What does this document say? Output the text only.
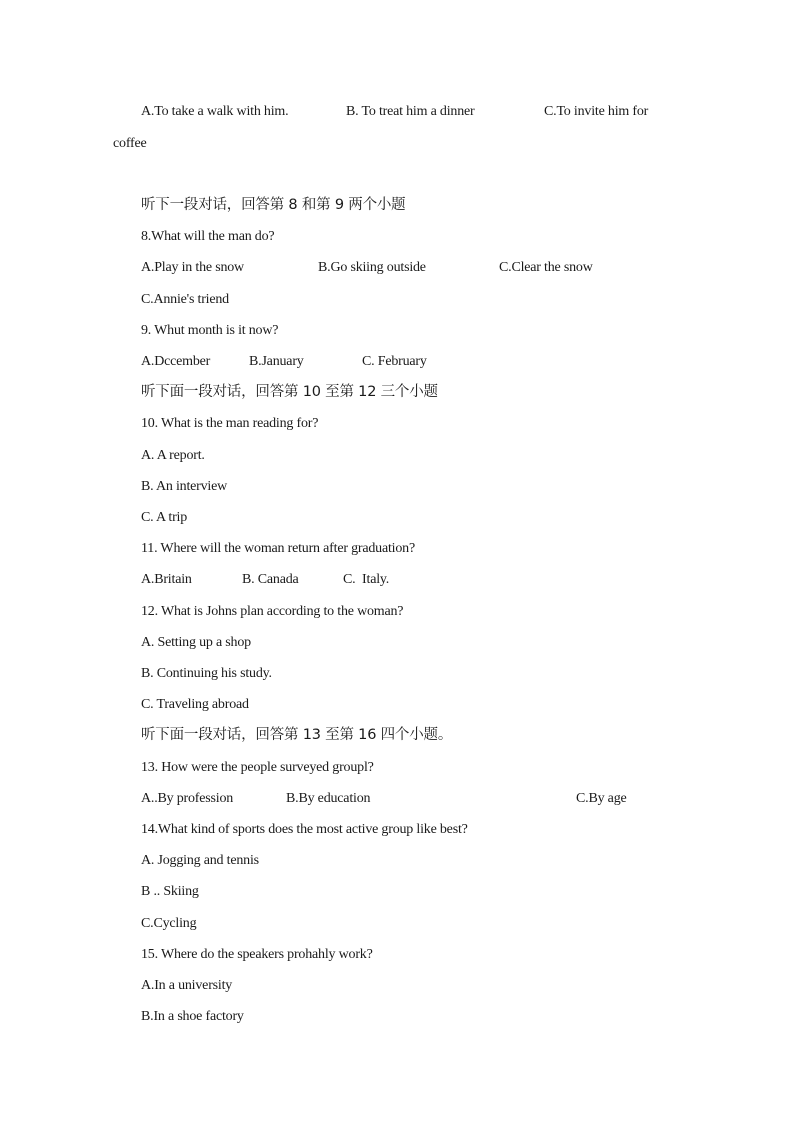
A.To take a walk with him.	B. To treat him a dinner	C.To invite him for
coffee
听下一段对话，回答第 8 和第 9 两个小题
8.What will the man do?
A.Play in the snow	B.Go skiing outside	C.Clear the snow
C.Annie's triend
9. Whut month is it now?
A.Dccember	B.January	C. February
听下面一段对话，回答第 10 至第 12 三个小题
10. What is the man reading for?
A. A report.
B. An interview
C. A trip
11. Where will the woman return after graduation?
A.Britain	B. Canada	C.  Italy.
12. What is Johns plan according to the woman?
A. Setting up a shop
B. Continuing his study.
C. Traveling abroad
听下面一段对话，回答第 13 至第 16 四个小题。
13. How were the people surveyed groupl?
A..By profession	B.By education	C.By age
14.What kind of sports does the most active group like best?
A. Jogging and tennis
B .. Skiing
C.Cycling
15. Where do the speakers prohahly work?
A.In a university
B.In a shoe factory
